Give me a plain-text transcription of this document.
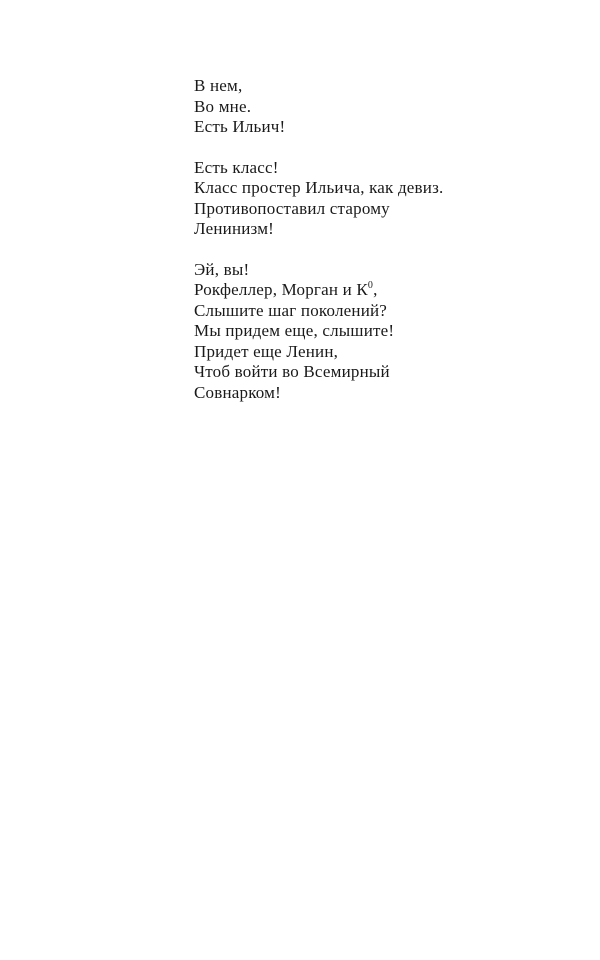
В нем,
Во мне.
Есть Ильич!
Есть класс!
Класс простер Ильича, как девиз.
Противопоставил старому
Ленинизм!
Эй, вы!
Рокфеллер, Морган и $К^0$,
Слышите шаг поколений?
Мы придем еще, слышите!
Придет еще Ленин,
Чтоб войти во Всемирный
Совнарком!
